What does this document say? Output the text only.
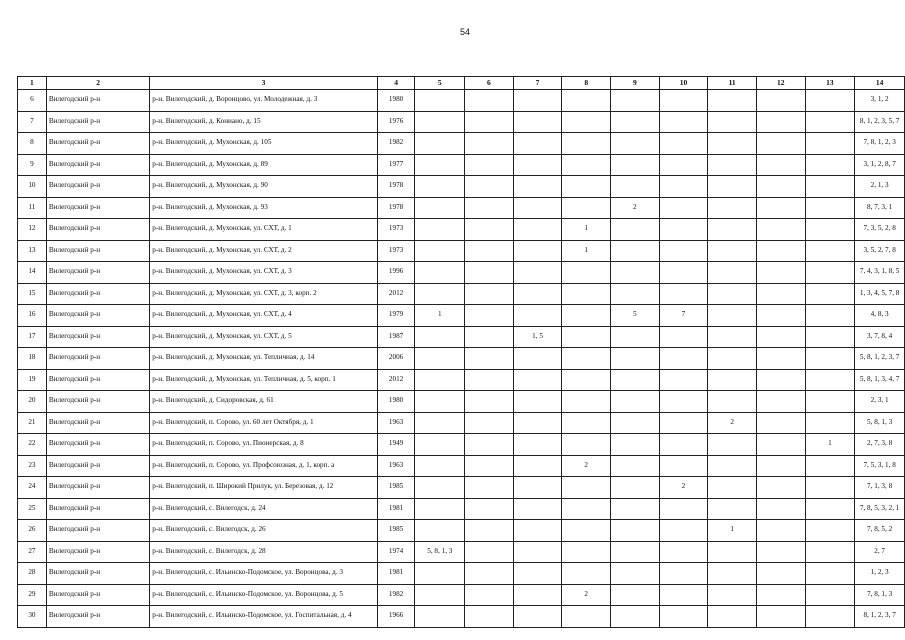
54
1	2	3	4	5	6	7	8	9	10	11	12	13	14
6	Вилегодский р-н	р-н. Вилегодский, д. Воронцово, ул. Молодежная, д. 3	1980										3, 1, 2
7	Вилегодский р-н	р-н. Вилегодский, д. Кониано, д. 15	1976										8, 1, 2, 3, 5, 7
8	Вилегодский р-н	р-н. Вилегодский, д. Мухонская, д. 105	1982										7, 8, 1, 2, 3
9	Вилегодский р-н	р-н. Вилегодский, д. Мухонская, д. 89	1977										3, 1, 2, 8, 7
10	Вилегодский р-н	р-н. Вилегодский, д. Мухонская, д. 90	1978										2, 1, 3
11	Вилегодский р-н	р-н. Вилегодский, д. Мухонская, д. 93	1978					2					8, 7, 3, 1
12	Вилегодский р-н	р-н. Вилегодский, д. Мухонская, ул. СХТ, д. 1	1973				1						7, 3, 5, 2, 8
13	Вилегодский р-н	р-н. Вилегодский, д. Мухонская, ул. СХТ, д. 2	1973				1						3, 5, 2, 7, 8
14	Вилегодский р-н	р-н. Вилегодский, д. Мухонская, ул. СХТ, д. 3	1996										7, 4, 3, 1, 8, 5
15	Вилегодский р-н	р-н. Вилегодский, д. Мухонская, ул. СХТ, д. 3, корп. 2	2012										1, 3, 4, 5, 7, 8
16	Вилегодский р-н	р-н. Вилегодский, д. Мухонская, ул. СХТ, д. 4	1979	1				5	7				4, 8, 3
17	Вилегодский р-н	р-н. Вилегодский, д. Мухонская, ул. СХТ, д. 5	1987			1, 5							3, 7, 8, 4
18	Вилегодский р-н	р-н. Вилегодский, д. Мухонская, ул. Тепличная, д. 14	2006										5, 8, 1, 2, 3, 7
19	Вилегодский р-н	р-н. Вилегодский, д. Мухонская, ул. Тепличная, д. 5, корп. 1	2012										5, 8, 1, 3, 4, 7
20	Вилегодский р-н	р-н. Вилегодский, д. Сидоровская, д. 61	1980										2, 3, 1
21	Вилегодский р-н	р-н. Вилегодский, п. Сорово, ул. 60 лет Октября, д. 1	1963							2			5, 8, 1, 3
22	Вилегодский р-н	р-н. Вилегодский, п. Сорово, ул. Пионерская, д. 8	1949									1	2, 7, 3, 8
23	Вилегодский р-н	р-н. Вилегодский, п. Сорово, ул. Профсоюзная, д. 1, корп. а	1963				2						7, 5, 3, 1, 8
24	Вилегодский р-н	р-н. Вилегодский, п. Широкий Прилук, ул. Березовая, д. 12	1985						2				7, 1, 3, 8
25	Вилегодский р-н	р-н. Вилегодский, с. Вилегодск, д. 24	1981										7, 8, 5, 3, 2, 1
26	Вилегодский р-н	р-н. Вилегодский, с. Вилегодск, д. 26	1985							1			7, 8, 5, 2
27	Вилегодский р-н	р-н. Вилегодский, с. Вилегодск, д. 28	1974	5, 8, 1, 3									2, 7
28	Вилегодский р-н	р-н. Вилегодский, с. Ильинско-Подомское, ул. Воронцова, д. 3	1981										1, 2, 3
29	Вилегодский р-н	р-н. Вилегодский, с. Ильинско-Подомское, ул. Воронцова, д. 5	1982				2						7, 8, 1, 3
30	Вилегодский р-н	р-н. Вилегодский, с. Ильинско-Подомское, ул. Госпитальная, д. 4	1966										8, 1, 2, 3, 7
